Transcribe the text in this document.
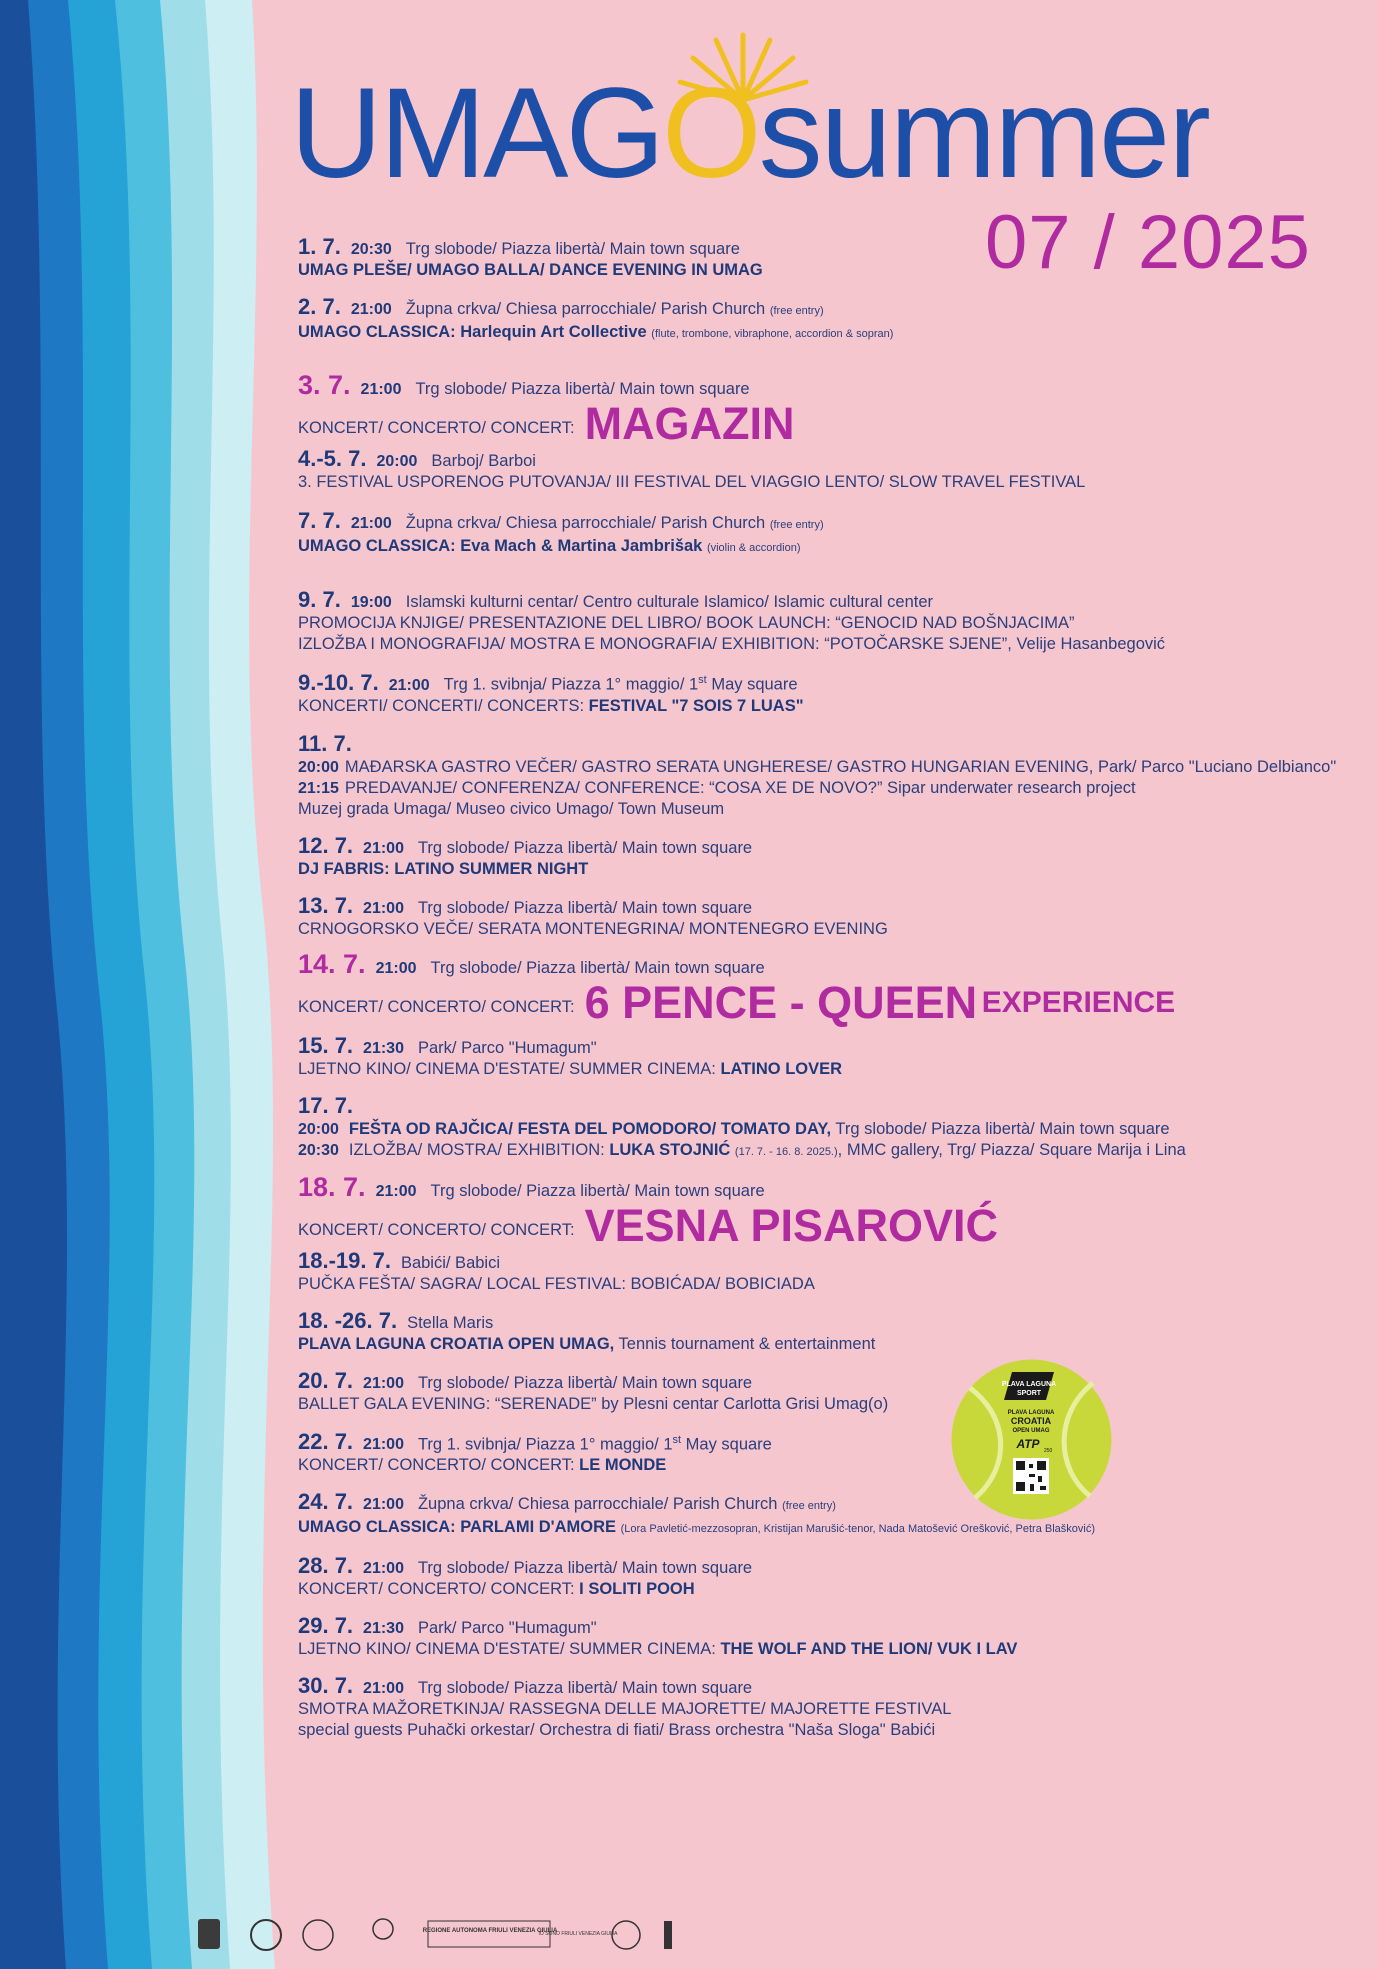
UMAGOsummer
07 / 2025
1. 7. 20:30 Trg slobode/ Piazza libertà/ Main town square
UMAG PLEŠE/ UMAGO BALLA/ DANCE EVENING IN UMAG
2. 7. 21:00 Župna crkva/ Chiesa parrocchiale/ Parish Church (free entry)
UMAGO CLASSICA: Harlequin Art Collective (flute, trombone, vibraphone, accordion & sopran)
3. 7. 21:00 Trg slobode/ Piazza libertà/ Main town square
KONCERT/ CONCERTO/ CONCERT: MAGAZIN
4.-5. 7. 20:00 Barboj/ Barboi
3. FESTIVAL USPORENOG PUTOVANJA/ III FESTIVAL DEL VIAGGIO LENTO/ SLOW TRAVEL FESTIVAL
7. 7. 21:00 Župna crkva/ Chiesa parrocchiale/ Parish Church (free entry)
UMAGO CLASSICA: Eva Mach & Martina Jambrišak (violin & accordion)
9. 7. 19:00 Islamski kulturni centar/ Centro culturale Islamico/ Islamic cultural center
PROMOCIJA KNJIGE/ PRESENTAZIONE DEL LIBRO/ BOOK LAUNCH: “GENOCID NAD BOŠNJACIMA”
IZLOŽBA I MONOGRAFIJA/ MOSTRA E MONOGRAFIA/ EXHIBITION: “POTOČARSKE SJENE”, Velije Hasanbegović
9.-10. 7. 21:00 Trg 1. svibnja/ Piazza 1° maggio/ 1st May square
KONCERTI/ CONCERTI/ CONCERTS: FESTIVAL "7 SOIS 7 LUAS"
11. 7.
20:00 MAĐARSKA GASTRO VEČER/ GASTRO SERATA UNGHERESE/ GASTRO HUNGARIAN EVENING, Park/ Parco "Luciano Delbianco"
21:15 PREDAVANJE/ CONFERENZA/ CONFERENCE: “COSA XE DE NOVO?” Sipar underwater research project
Muzej grada Umaga/ Museo civico Umago/ Town Museum
12. 7. 21:00 Trg slobode/ Piazza libertà/ Main town square
DJ FABRIS: LATINO SUMMER NIGHT
13. 7. 21:00 Trg slobode/ Piazza libertà/ Main town square
CRNOGORSKO VEČE/ SERATA MONTENEGRINA/ MONTENEGRO EVENING
14. 7. 21:00 Trg slobode/ Piazza libertà/ Main town square
KONCERT/ CONCERTO/ CONCERT: 6 PENCE - QUEEN EXPERIENCE
15. 7. 21:30 Park/ Parco "Humagum"
LJETNO KINO/ CINEMA D'ESTATE/ SUMMER CINEMA: LATINO LOVER
17. 7.
20:00 FEŠTA OD RAJČICA/ FESTA DEL POMODORO/ TOMATO DAY, Trg slobode/ Piazza libertà/ Main town square
20:30 IZLOŽBA/ MOSTRA/ EXHIBITION: LUKA STOJNIĆ (17. 7. - 16. 8. 2025.), MMC gallery, Trg/ Piazza/ Square Marija i Lina
18. 7. 21:00 Trg slobode/ Piazza libertà/ Main town square
KONCERT/ CONCERTO/ CONCERT: VESNA PISAROVIĆ
18.-19. 7. Babići/ Babici
PUČKA FEŠTA/ SAGRA/ LOCAL FESTIVAL: BOBIĆADA/ BOBICIADA
18. -26. 7. Stella Maris
PLAVA LAGUNA CROATIA OPEN UMAG, Tennis tournament & entertainment
20. 7. 21:00 Trg slobode/ Piazza libertà/ Main town square
BALLET GALA EVENING: “SERENADE” by Plesni centar Carlotta Grisi Umag(o)
22. 7. 21:00 Trg 1. svibnja/ Piazza 1° maggio/ 1st May square
KONCERT/ CONCERTO/ CONCERT: LE MONDE
24. 7. 21:00 Župna crkva/ Chiesa parrocchiale/ Parish Church (free entry)
UMAGO CLASSICA: PARLAMI D'AMORE (Lora Pavletić-mezzosopran, Kristijan Marušić-tenor, Nada Matošević Orešković, Petra Blašković)
28. 7. 21:00 Trg slobode/ Piazza libertà/ Main town square
KONCERT/ CONCERTO/ CONCERT: I SOLITI POOH
29. 7. 21:30 Park/ Parco "Humagum"
LJETNO KINO/ CINEMA D'ESTATE/ SUMMER CINEMA: THE WOLF AND THE LION/ VUK I LAV
30. 7. 21:00 Trg slobode/ Piazza libertà/ Main town square
SMOTRA MAŽORETKINJA/ RASSEGNA DELLE MAJORETTE/ MAJORETTE FESTIVAL
special guests Puhački orkestar/ Orchestra di fiati/ Brass orchestra "Naša Sloga" Babići
PLAVA LAGUNA
SPORT
PLAVA LAGUNA
CROATIA
OPEN UMAG
ATP 250
REGIONE AUTONOMA FRIULI VENEZIA GIULIA
IO SONO FRIULI VENEZIA GIULIA
